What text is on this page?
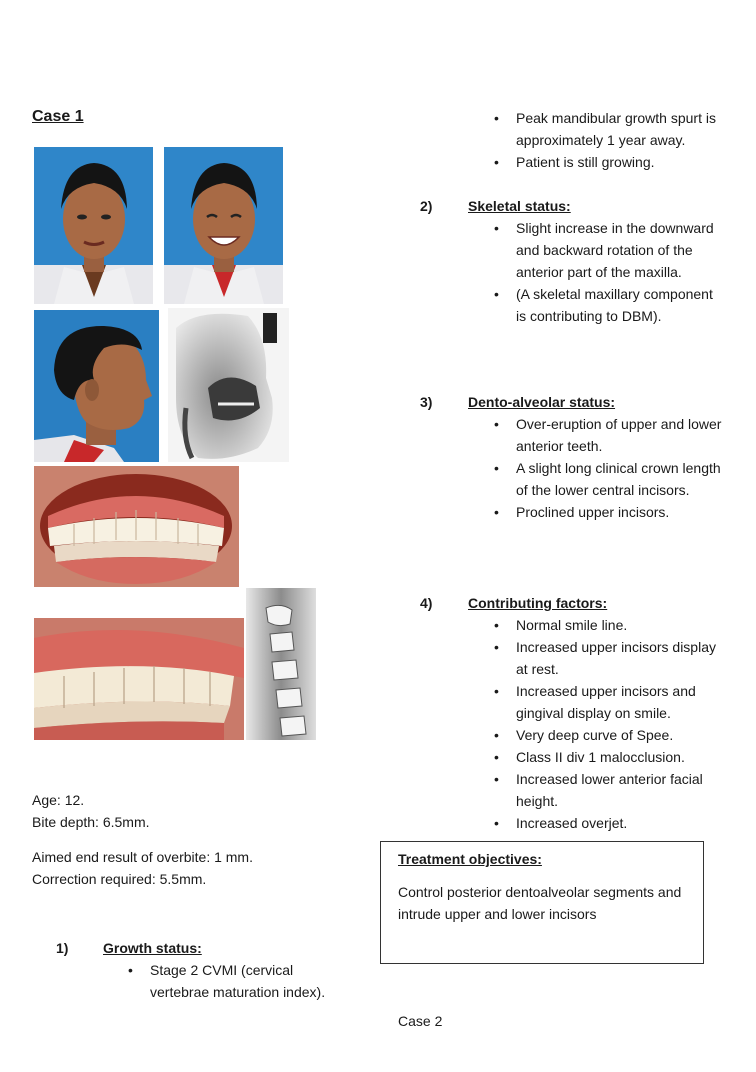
Case 1
Age: 12.
Bite depth: 6.5mm.
Aimed end result of overbite: 1 mm.
Correction required: 5.5mm.
1) Growth status:
• Stage 2 CVMI (cervical vertebrae maturation index).
• Peak mandibular growth spurt is approximately 1 year away.
• Patient is still growing.
2)	Skeletal status:
• Slight increase in the downward and backward rotation of the anterior part of the maxilla.
• (A skeletal maxillary component is contributing to DBM).
3)	Dento-alveolar status:
• Over-eruption of upper and lower anterior teeth.
• A slight long clinical crown length of the lower central incisors.
• Proclined upper incisors.
4)	Contributing factors:
• Normal smile line.
• Increased upper incisors display at rest.
• Increased upper incisors and gingival display on smile.
• Very deep curve of Spee.
• Class II div 1 malocclusion.
• Increased lower anterior facial height.
• Increased overjet.
Treatment objectives:
Control posterior dentoalveolar segments and intrude upper and lower incisors
Case 2
